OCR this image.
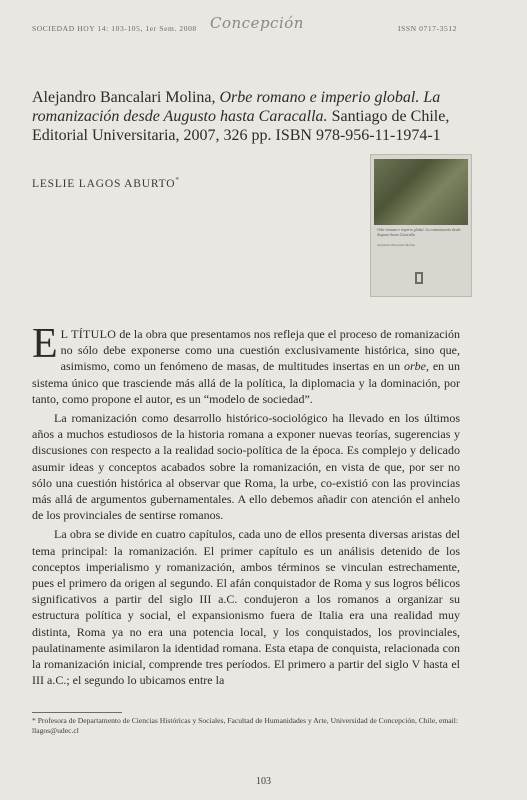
SOCIEDAD HOY 14: 103-105, 1er Sem. 2008 Concepción	ISSN 0717-3512
Alejandro Bancalari Molina, Orbe romano e imperio global. La romanización desde Augusto hasta Caracalla. Santiago de Chile, Editorial Universitaria, 2007, 326 pp. ISBN 978-956-11-1974-1
LESLIE LAGOS ABURTO*
Orbe romano e imperio global. La romanización desde Augusto hasta Caracalla
Alejandro Bancalari Molina

E L TÍTULO de la obra que presentamos nos refleja que el proceso de romanización no sólo debe exponerse como una cuestión exclusivamente histórica, sino que, asimismo, como un fenómeno de masas, de multitudes insertas en un orbe, en un sistema único que trasciende más allá de la política, la diplomacia y la dominación, por tanto, como propone el autor, es un “modelo de sociedad”.

La romanización como desarrollo histórico-sociológico ha llevado en los últimos años a muchos estudiosos de la historia romana a exponer nuevas teorías, sugerencias y discusiones con respecto a la realidad socio-política de la época. Es complejo y delicado asumir ideas y conceptos acabados sobre la romanización, en vista de que, por ser no sólo una cuestión histórica al observar que Roma, la urbe, co-existió con las provincias más allá de argumentos gubernamentales. A ello debemos añadir con atención el anhelo de los provinciales de sentirse romanos.

La obra se divide en cuatro capítulos, cada uno de ellos presenta diversas aristas del tema principal: la romanización. El primer capítulo es un análisis detenido de los conceptos imperialismo y romanización, ambos términos se vinculan estrechamente, pues el primero da origen al segundo. El afán conquistador de Roma y sus logros bélicos significativos a partir del siglo III a.C. condujeron a los romanos a organizar su estructura política y social, el expansionismo fuera de Italia era una realidad muy distinta, Roma ya no era una potencia local, y los conquistados, los provinciales, paulatinamente asimilaron la identidad romana. Esta etapa de conquista, relacionada con la romanización inicial, comprende tres períodos. El primero a partir del siglo V hasta el III a.C.; el segundo lo ubicamos entre la

* Profesora de Departamento de Ciencias Históricas y Sociales, Facultad de Humanidades y Arte, Universidad de Concepción, Chile, email: llagos@udec.cl
103
